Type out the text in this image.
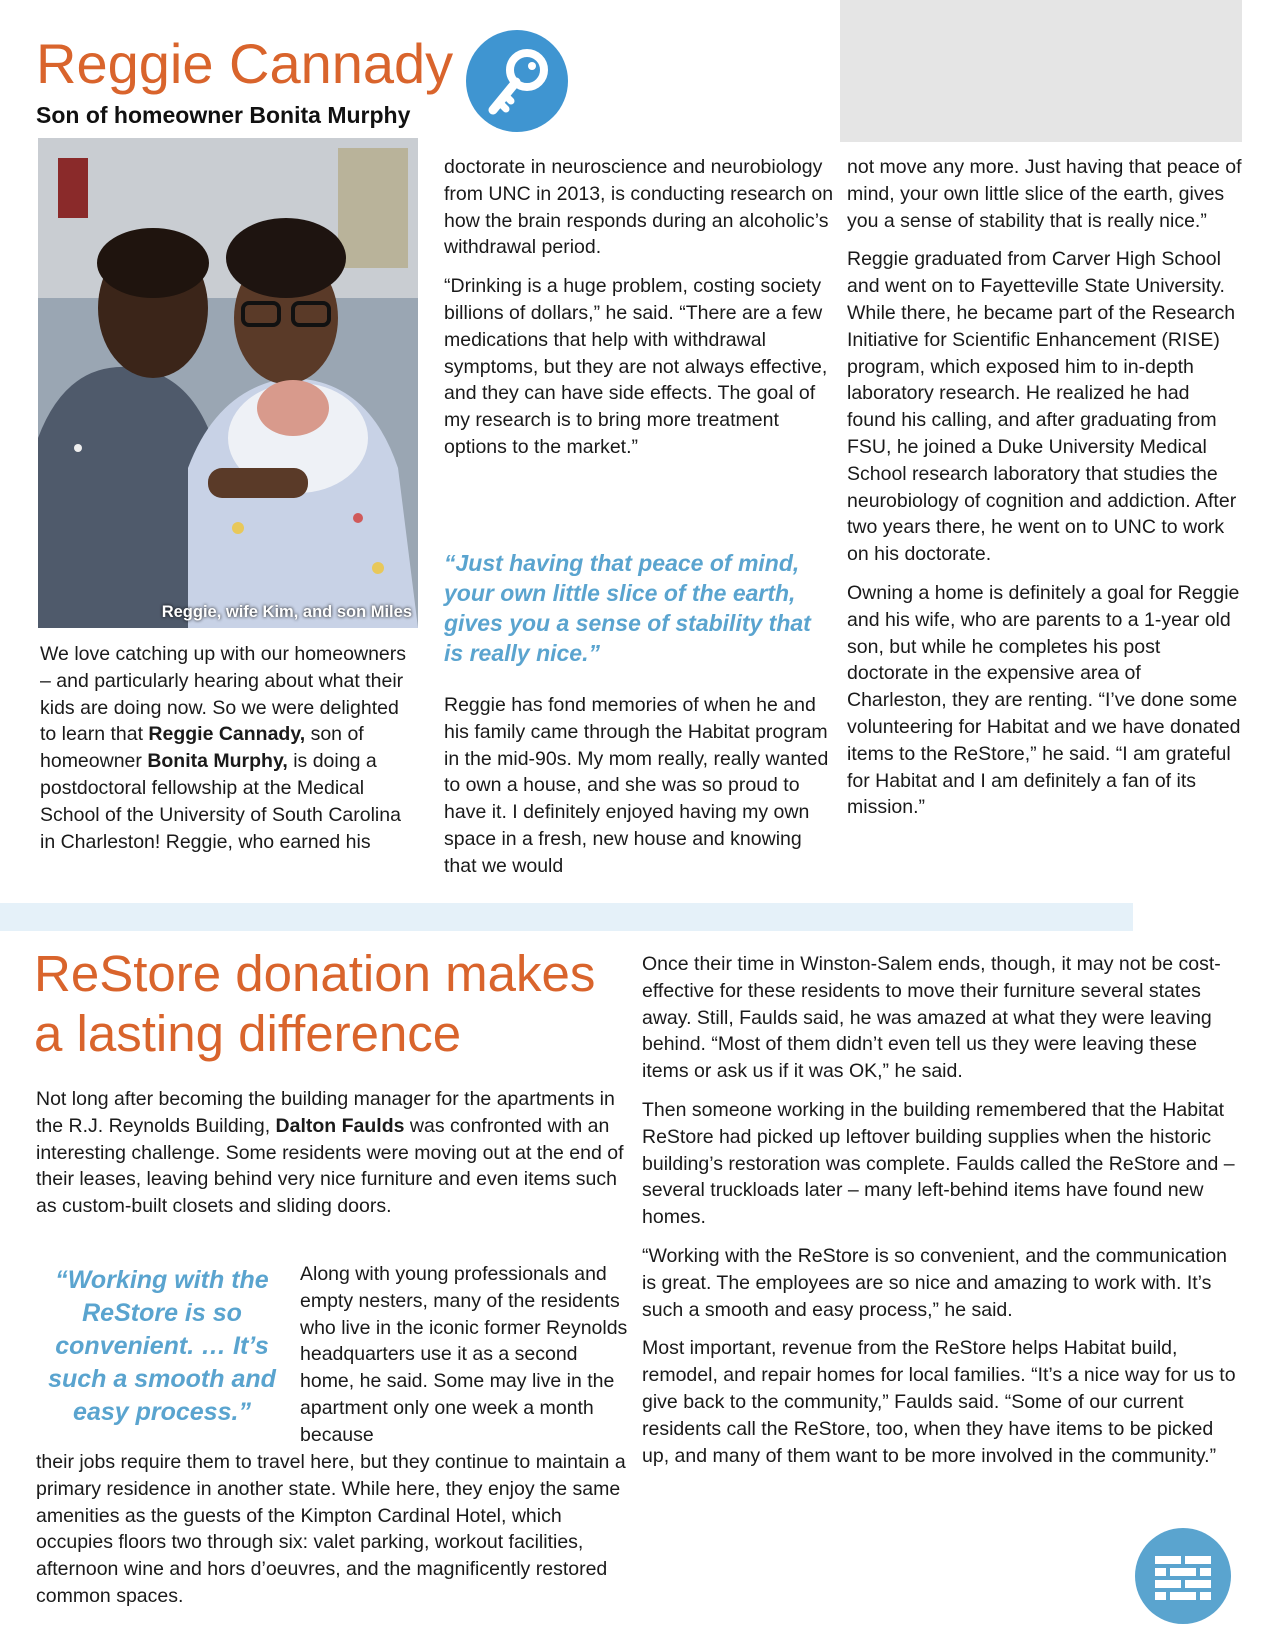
Reggie Cannady
Son of homeowner Bonita Murphy
Reggie, wife Kim, and son Miles

We love catching up with our homeowners – and particularly hearing about what their kids are doing now. So we were delighted to learn that Reggie Cannady, son of homeowner Bonita Murphy, is doing a postdoctoral fellowship at the Medical School of the University of South Carolina in Charleston! Reggie, who earned his

doctorate in neuroscience and neurobiology from UNC in 2013, is conducting research on how the brain responds during an alcoholic’s withdrawal period.

“Drinking is a huge problem, costing society billions of dollars,” he said. “There are a few medications that help with withdrawal symptoms, but they are not always effective, and they can have side effects. The goal of my research is to bring more treatment options to the market.”

“Just having that peace of mind, your own little slice of the earth, gives you a sense of stability that is really nice.”

Reggie has fond memories of when he and his family came through the Habitat program in the mid-90s. My mom really, really wanted to own a house, and she was so proud to have it. I definitely enjoyed having my own space in a fresh, new house and knowing that we would

not move any more. Just having that peace of mind, your own little slice of the earth, gives you a sense of stability that is really nice.”

Reggie graduated from Carver High School and went on to Fayetteville State University. While there, he became part of the Research Initiative for Scientific Enhancement (RISE) program, which exposed him to in-depth laboratory research. He realized he had found his calling, and after graduating from FSU, he joined a Duke University Medical School research laboratory that studies the neurobiology of cognition and addiction. After two years there, he went on to UNC to work on his doctorate.

Owning a home is definitely a goal for Reggie and his wife, who are parents to a 1-year old son, but while he completes his post doctorate in the expensive area of Charleston, they are renting. “I’ve done some volunteering for Habitat and we have donated items to the ReStore,” he said. “I am grateful for Habitat and I am definitely a fan of its mission.”

ReStore donation makes a lasting difference

Not long after becoming the building manager for the apartments in the R.J. Reynolds Building, Dalton Faulds was confronted with an interesting challenge. Some residents were moving out at the end of their leases, leaving behind very nice furniture and even items such as custom-built closets and sliding doors.

“Working with the ReStore is so convenient. … It’s such a smooth and easy process.”

Along with young professionals and empty nesters, many of the residents who live in the iconic former Reynolds headquarters use it as a second home, he said. Some may live in the apartment only one week a month because

their jobs require them to travel here, but they continue to maintain a primary residence in another state. While here, they enjoy the same amenities as the guests of the Kimpton Cardinal Hotel, which occupies floors two through six: valet parking, workout facilities, afternoon wine and hors d’oeuvres, and the magnificently restored common spaces.

Once their time in Winston-Salem ends, though, it may not be cost-effective for these residents to move their furniture several states away. Still, Faulds said, he was amazed at what they were leaving behind. “Most of them didn’t even tell us they were leaving these items or ask us if it was OK,” he said.

Then someone working in the building remembered that the Habitat ReStore had picked up leftover building supplies when the historic building’s restoration was complete. Faulds called the ReStore and – several truckloads later – many left-behind items have found new homes.

“Working with the ReStore is so convenient, and the communication is great. The employees are so nice and amazing to work with. It’s such a smooth and easy process,” he said.

Most important, revenue from the ReStore helps Habitat build, remodel, and repair homes for local families. “It’s a nice way for us to give back to the community,” Faulds said. “Some of our current residents call the ReStore, too, when they have items to be picked up, and many of them want to be more involved in the community.”
